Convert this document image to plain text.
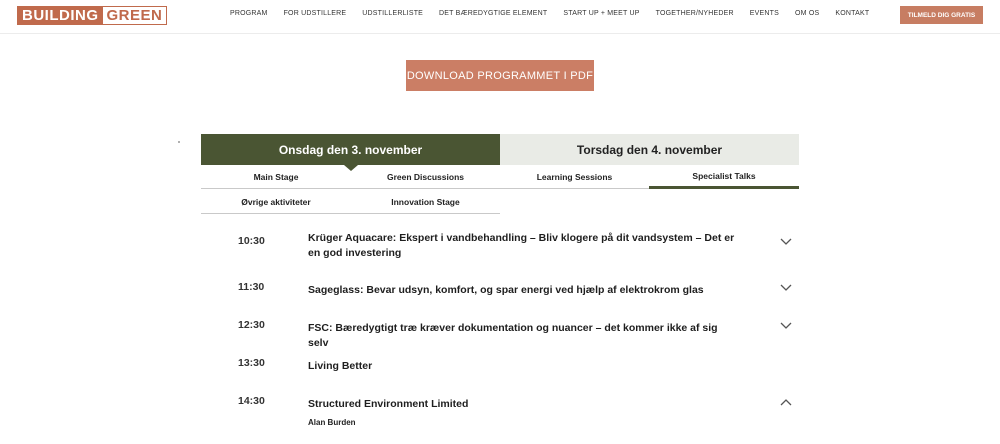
BUILDING GREEN	PROGRAM FOR UDSTILLERE UDSTILLERLISTE DET BÆREDYGTIGE ELEMENT START UP + MEET UP TOGETHER/NYHEDER EVENTS OM OS KONTAKT	TILMELD DIG GRATIS
DOWNLOAD PROGRAMMET I PDF
Onsdag den 3. november	Torsdag den 4. november
Main Stage	Green Discussions	Learning Sessions	Specialist Talks
Øvrige aktiviteter	Innovation Stage
10:30	Krüger Aquacare: Ekspert i vandbehandling – Bliv klogere på dit vandsystem – Det er en god investering
11:30	Sageglass: Bevar udsyn, komfort, og spar energi ved hjælp af elektrokrom glas
12:30	FSC: Bæredygtigt træ kræver dokumentation og nuancer – det kommer ikke af sig selv
13:30	Living Better
14:30	Structured Environment Limited
Alan Burden
